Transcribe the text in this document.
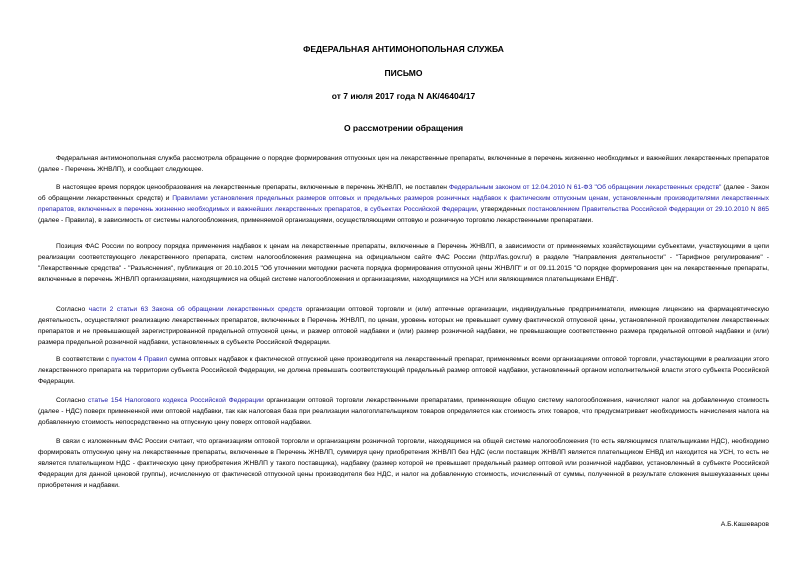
ФЕДЕРАЛЬНАЯ АНТИМОНОПОЛЬНАЯ СЛУЖБА
ПИСЬМО
от 7 июля 2017 года N АК/46404/17
О рассмотрении обращения
Федеральная антимонопольная служба рассмотрела обращение о порядке формирования отпускных цен на лекарственные препараты, включенные в перечень жизненно необходимых и важнейших лекарственных препаратов (далее - Перечень ЖНВЛП), и сообщает следующее.
В настоящее время порядок ценообразования на лекарственные препараты, включенные в перечень ЖНВЛП, не поставлен Федеральным законом от 12.04.2010 N 61-ФЗ "Об обращении лекарственных средств" (далее - Закон об обращении лекарственных средств) и Правилами установления предельных размеров оптовых и предельных размеров розничных надбавок к фактическим отпускным ценам, установленным производителями лекарственных препаратов, включенных в перечень жизненно необходимых и важнейших лекарственных препаратов, в субъектах Российской Федерации, утвержденных постановлением Правительства Российской Федерации от 29.10.2010 N 865 (далее - Правила), в зависимость от системы налогообложения, применяемой организациями, осуществляющими оптовую и розничную торговлю лекарственными препаратами.
Позиция ФАС России по вопросу порядка применения надбавок к ценам на лекарственные препараты, включенные в Перечень ЖНВЛП, в зависимости от применяемых хозяйствующими субъектами, участвующими в цепи реализации соответствующего лекарственного препарата, систем налогообложения размещена на официальном сайте ФАС России (http://fas.gov.ru/) в разделе "Направления деятельности" - "Тарифное регулирование" - "Лекарственные средства" - "Разъяснения", публикация от 20.10.2015 "Об уточнении методики расчета порядка формирования отпускной цены ЖНВЛП" и от 09.11.2015 "О порядке формирования цен на лекарственные препараты, включенные в перечень ЖНВЛП организациями, находящимися на общей системе налогообложения и организациями, находящимися на УСН или являющимися плательщиками ЕНВД".
Согласно части 2 статьи 63 Закона об обращении лекарственных средств организации оптовой торговли и (или) аптечные организации, индивидуальные предприниматели, имеющие лицензию на фармацевтическую деятельность, осуществляют реализацию лекарственных препаратов, включенных в Перечень ЖНВЛП, по ценам, уровень которых не превышает сумму фактической отпускной цены, установленной производителем лекарственных препаратов и не превышающей зарегистрированной предельной отпускной цены, и размер оптовой надбавки и (или) размер розничной надбавки, не превышающие соответственно размера предельной оптовой надбавки и (или) размера предельной розничной надбавки, установленных в субъекте Российской Федерации.
В соответствии с пунктом 4 Правил сумма оптовых надбавок к фактической отпускной цене производителя на лекарственный препарат, применяемых всеми организациями оптовой торговли, участвующими в реализации этого лекарственного препарата на территории субъекта Российской Федерации, не должна превышать соответствующий предельный размер оптовой надбавки, установленный органом исполнительной власти этого субъекта Российской Федерации.
Согласно статье 154 Налогового кодекса Российской Федерации организации оптовой торговли лекарственными препаратами, применяющие общую систему налогообложения, начисляют налог на добавленную стоимость (далее - НДС) поверх примененной ими оптовой надбавки, так как налоговая база при реализации налогоплательщиком товаров определяется как стоимость этих товаров, что предусматривает необходимость начисления налога на добавленную стоимость непосредственно на отпускную цену поверх оптовой надбавки.
В связи с изложенным ФАС России считает, что организациям оптовой торговли и организациям розничной торговли, находящимся на общей системе налогообложения (то есть являющимся плательщиками НДС), необходимо формировать отпускную цену на лекарственные препараты, включенные в Перечень ЖНВЛП, суммируя цену приобретения ЖНВЛП без НДС (если поставщик ЖНВЛП является плательщиком ЕНВД ил находится на УСН, то есть не является плательщиком НДС - фактическую цену приобретения ЖНВЛП у такого поставщика), надбавку (размер которой не превышает предельный размер оптовой или розничной надбавки, установленный в субъекте Российской Федерации для данной ценовой группы), исчисленную от фактической отпускной цены производителя без НДС, и налог на добавленную стоимость, исчисленный от суммы, полученной в результате сложения вышеуказанных цены приобретения и надбавки.
А.Б.Кашеваров
